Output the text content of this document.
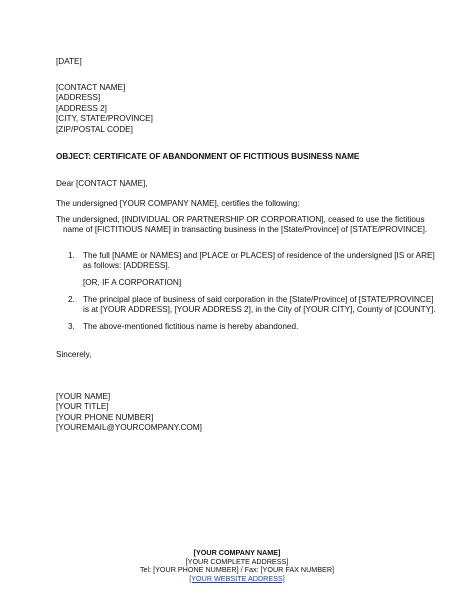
[DATE]
[CONTACT NAME]
[ADDRESS]
[ADDRESS 2]
[CITY, STATE/PROVINCE]
[ZIP/POSTAL CODE]
OBJECT: CERTIFICATE OF ABANDONMENT OF FICTITIOUS BUSINESS NAME
Dear [CONTACT NAME],
The undersigned [YOUR COMPANY NAME], certifies the following:
The undersigned, [INDIVIDUAL OR PARTNERSHIP OR CORPORATION], ceased to use the fictitious
name of [FICTITIOUS NAME] in transacting business in the [State/Province] of [STATE/PROVINCE].
1. The full [NAME or NAMES] and [PLACE or PLACES] of residence of the undersigned [IS or ARE]
as follows: [ADDRESS].
[OR, IF A CORPORATION]
2. The principal place of business of said corporation in the [State/Province] of [STATE/PROVINCE]
is at [YOUR ADDRESS], [YOUR ADDRESS 2], in the City of [YOUR CITY], County of [COUNTY].
3. The above-mentioned fictitious name is hereby abandoned.
Sincerely,
[YOUR NAME]
[YOUR TITLE]
[YOUR PHONE NUMBER]
[YOUREMAIL@YOURCOMPANY.COM]
[YOUR COMPANY NAME]
[YOUR COMPLETE ADDRESS]
Tel: [YOUR PHONE NUMBER] / Fax: [YOUR FAX NUMBER]
[YOUR WEBSITE ADDRESS]
